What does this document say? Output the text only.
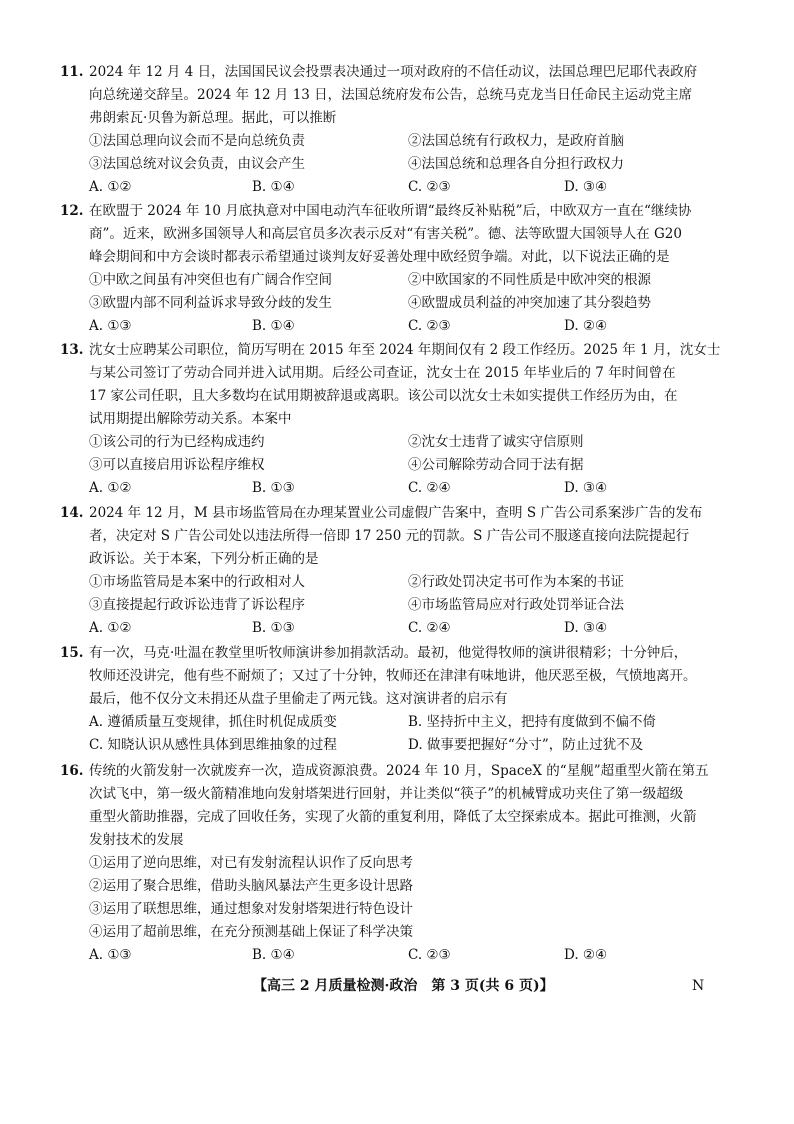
11. 2024 年 12 月 4 日，法国国民议会投票表决通过一项对政府的不信任动议，法国总理巴尼耶代表政府
向总统递交辞呈。2024 年 12 月 13 日，法国总统府发布公告，总统马克龙当日任命民主运动党主席
弗朗索瓦·贝鲁为新总理。据此，可以推断
①法国总理向议会而不是向总统负责	②法国总统有行政权力，是政府首脑
③法国总统对议会负责，由议会产生	④法国总统和总理各自分担行政权力
A. ①②	B. ①④	C. ②③	D. ③④
12. 在欧盟于 2024 年 10 月底执意对中国电动汽车征收所谓“最终反补贴税”后，中欧双方一直在“继续协
商”。近来，欧洲多国领导人和高层官员多次表示反对“有害关税”。德、法等欧盟大国领导人在 G20
峰会期间和中方会谈时都表示希望通过谈判友好妥善处理中欧经贸争端。对此，以下说法正确的是
①中欧之间虽有冲突但也有广阔合作空间	②中欧国家的不同性质是中欧冲突的根源
③欧盟内部不同利益诉求导致分歧的发生	④欧盟成员利益的冲突加速了其分裂趋势
A. ①③	B. ①④	C. ②③	D. ②④
13. 沈女士应聘某公司职位，简历写明在 2015 年至 2024 年期间仅有 2 段工作经历。2025 年 1 月，沈女士
与某公司签订了劳动合同并进入试用期。后经公司查证，沈女士在 2015 年毕业后的 7 年时间曾在
17 家公司任职，且大多数均在试用期被辞退或离职。该公司以沈女士未如实提供工作经历为由，在
试用期提出解除劳动关系。本案中
①该公司的行为已经构成违约	②沈女士违背了诚实守信原则
③可以直接启用诉讼程序维权	④公司解除劳动合同于法有据
A. ①②	B. ①③	C. ②④	D. ③④
14. 2024 年 12 月，M 县市场监管局在办理某置业公司虚假广告案中，查明 S 广告公司系案涉广告的发布
者，决定对 S 广告公司处以违法所得一倍即 17 250 元的罚款。S 广告公司不服遂直接向法院提起行
政诉讼。关于本案，下列分析正确的是
①市场监管局是本案中的行政相对人	②行政处罚决定书可作为本案的书证
③直接提起行政诉讼违背了诉讼程序	④市场监管局应对行政处罚举证合法
A. ①②	B. ①③	C. ②④	D. ③④
15. 有一次，马克·吐温在教堂里听牧师演讲参加捐款活动。最初，他觉得牧师的演讲很精彩；十分钟后，
牧师还没讲完，他有些不耐烦了；又过了十分钟，牧师还在津津有味地讲，他厌恶至极，气愤地离开。
最后，他不仅分文未捐还从盘子里偷走了两元钱。这对演讲者的启示有
A. 遵循质量互变规律，抓住时机促成质变	B. 坚持折中主义，把持有度做到不偏不倚
C. 知晓认识从感性具体到思维抽象的过程	D. 做事要把握好“分寸”，防止过犹不及
16. 传统的火箭发射一次就废弃一次，造成资源浪费。2024 年 10 月，SpaceX 的“星舰”超重型火箭在第五
次试飞中，第一级火箭精准地向发射塔架进行回射，并让类似“筷子”的机械臂成功夹住了第一级超级
重型火箭助推器，完成了回收任务，实现了火箭的重复利用，降低了太空探索成本。据此可推测，火箭
发射技术的发展
①运用了逆向思维，对已有发射流程认识作了反向思考
②运用了聚合思维，借助头脑风暴法产生更多设计思路
③运用了联想思维，通过想象对发射塔架进行特色设计
④运用了超前思维，在充分预测基础上保证了科学决策
A. ①③	B. ①④	C. ②③	D. ②④
【高三 2 月质量检测·政治　第 3 页(共 6 页)】	N
